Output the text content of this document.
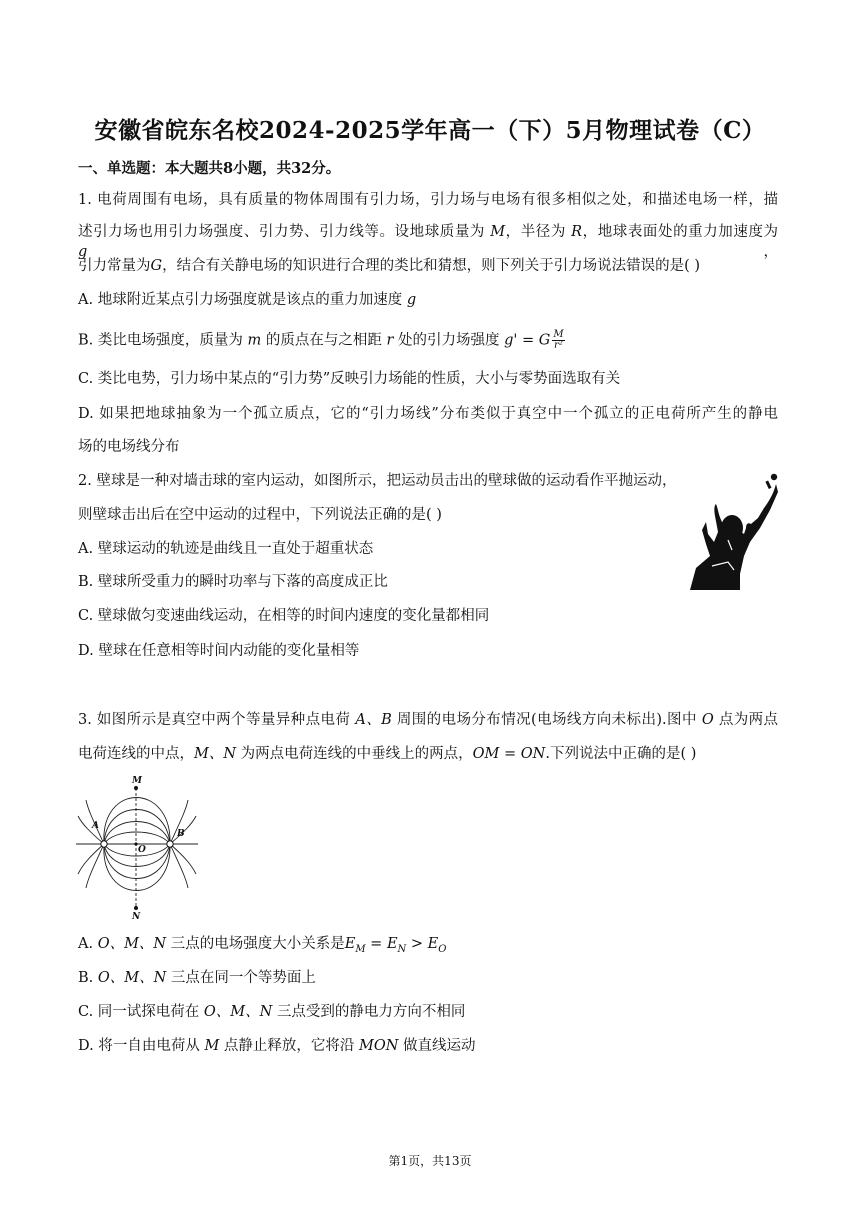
安徽省皖东名校2024-2025学年高一（下）5月物理试卷（C）
一、单选题：本大题共8小题，共32分。
1. 电荷周围有电场，具有质量的物体周围有引力场，引力场与电场有很多相似之处，和描述电场一样，描
述引力场也用引力场强度、引力势、引力线等。设地球质量为 M，半径为 R，地球表面处的重力加速度为 g，
引力常量为G，结合有关静电场的知识进行合理的类比和猜想，则下列关于引力场说法错误的是( )
A. 地球附近某点引力场强度就是该点的重力加速度 g
B. 类比电场强度，质量为 m 的质点在与之相距 r 处的引力场强度 g' = G $\frac{M}{\text{r²}}$
C. 类比电势，引力场中某点的“引力势”反映引力场能的性质，大小与零势面选取有关
D. 如果把地球抽象为一个孤立质点，它的“引力场线”分布类似于真空中一个孤立的正电荷所产生的静电
场的电场线分布
2. 壁球是一种对墙击球的室内运动，如图所示，把运动员击出的壁球做的运动看作平抛运动，
则壁球击出后在空中运动的过程中，下列说法正确的是( )
A. 壁球运动的轨迹是曲线且一直处于超重状态
B. 壁球所受重力的瞬时功率与下落的高度成正比
C. 壁球做匀变速曲线运动，在相等的时间内速度的变化量都相同
D. 壁球在任意相等时间内动能的变化量相等
3. 如图所示是真空中两个等量异种点电荷 A、B 周围的电场分布情况(电场线方向未标出).图中 O 点为两点
电荷连线的中点，M、N 为两点电荷连线的中垂线上的两点，OM = ON.下列说法中正确的是( )
M
N
A
B
O
A. O、M、N 三点的电场强度大小关系是$E_M = E_N > E_O$
B. O、M、N 三点在同一个等势面上
C. 同一试探电荷在 O、M、N 三点受到的静电力方向不相同
D. 将一自由电荷从 M 点静止释放，它将沿 MON 做直线运动
第1页，共13页
